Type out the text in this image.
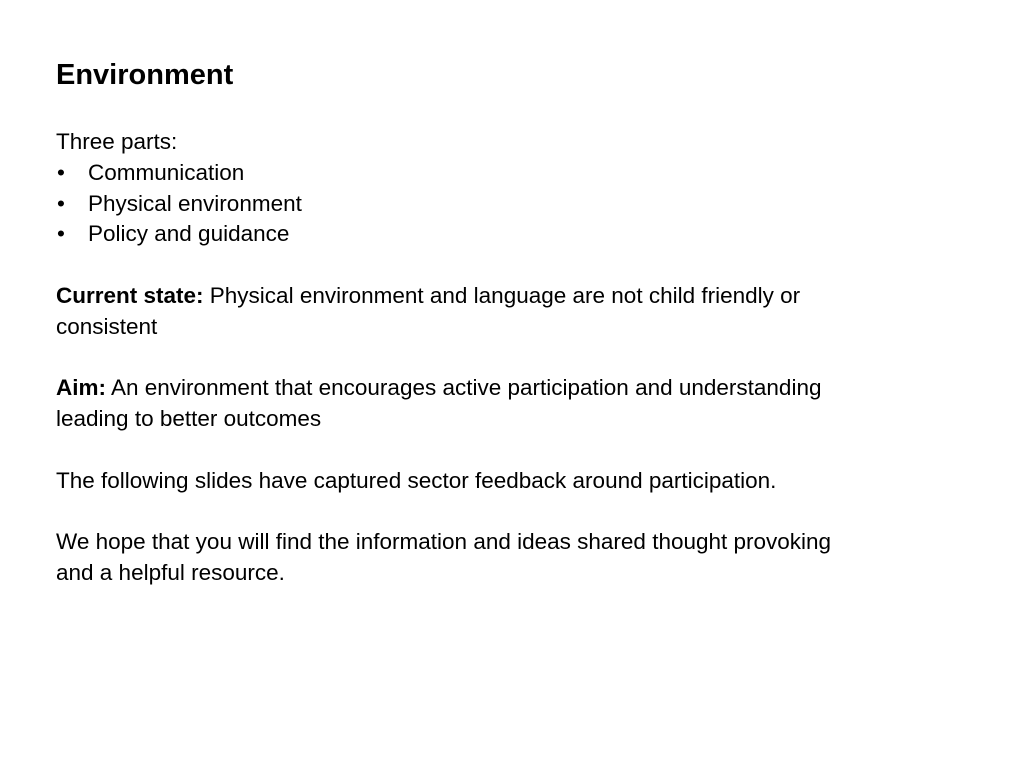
Environment

Three parts:

• Communication
• Physical environment
• Policy and guidance

Current state: Physical environment and language are not child friendly or consistent

Aim: An environment that encourages active participation and understanding leading to better outcomes

The following slides have captured sector feedback around participation.

We hope that you will find the information and ideas shared thought provoking and a helpful resource.
